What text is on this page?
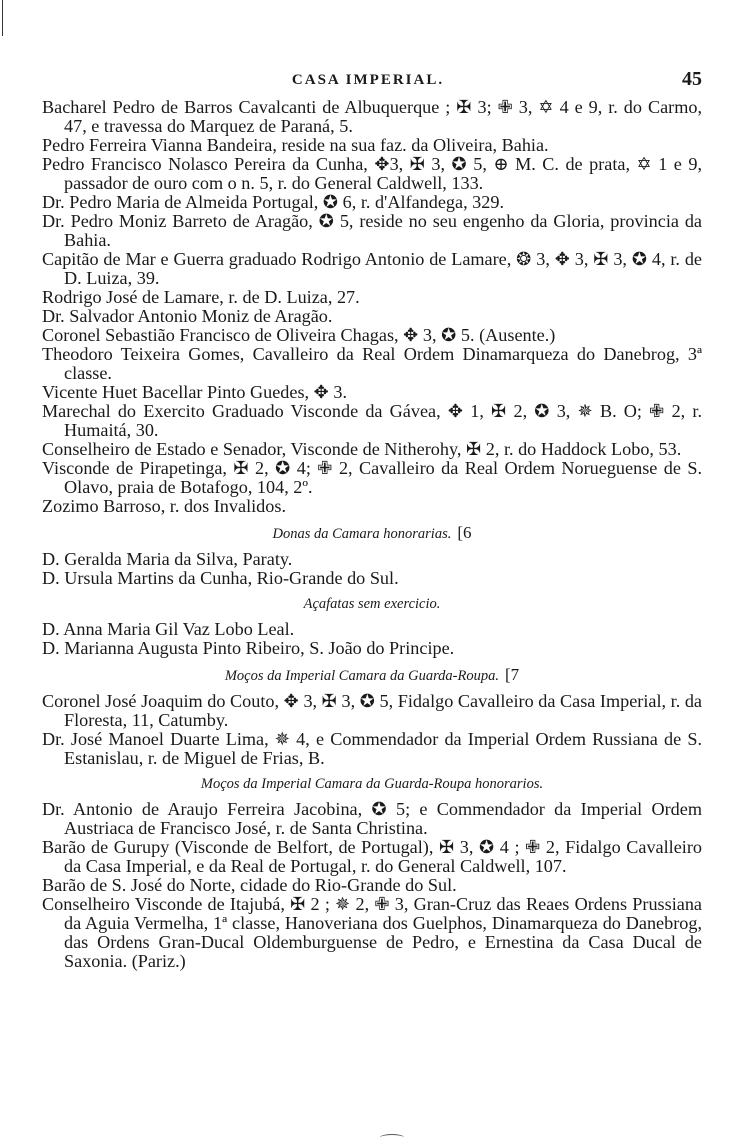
CASA IMPERIAL.	45

Bacharel Pedro de Barros Cavalcanti de Albuquerque ; ✠ 3; ✙ 3, ✡ 4 e 9, r. do Carmo, 47, e travessa do Marquez de Paraná, 5.

Pedro Ferreira Vianna Bandeira, reside na sua faz. da Oliveira, Bahia.

Pedro Francisco Nolasco Pereira da Cunha, ✥3, ✠ 3, ✪ 5, ⊕ M. C. de prata, ✡ 1 e 9, passador de ouro com o n. 5, r. do General Caldwell, 133.

Dr. Pedro Maria de Almeida Portugal, ✪ 6, r. d'Alfandega, 329.

Dr. Pedro Moniz Barreto de Aragão, ✪ 5, reside no seu engenho da Gloria, provincia da Bahia.

Capitão de Mar e Guerra graduado Rodrigo Antonio de Lamare, ❂ 3, ✥ 3, ✠ 3, ✪ 4, r. de D. Luiza, 39.

Rodrigo José de Lamare, r. de D. Luiza, 27.

Dr. Salvador Antonio Moniz de Aragão.

Coronel Sebastião Francisco de Oliveira Chagas, ✥ 3, ✪ 5. (Ausente.)

Theodoro Teixeira Gomes, Cavalleiro da Real Ordem Dinamarqueza do Danebrog, 3ª classe.

Vicente Huet Bacellar Pinto Guedes, ✥ 3.

Marechal do Exercito Graduado Visconde da Gávea, ✥ 1, ✠ 2, ✪ 3, ✵ B. O; ✙ 2, r. Humaitá, 30.

Conselheiro de Estado e Senador, Visconde de Nitherohy, ✠ 2, r. do Haddock Lobo, 53.

Visconde de Pirapetinga, ✠ 2, ✪ 4; ✙ 2, Cavalleiro da Real Ordem Norueguense de S. Olavo, praia de Botafogo, 104, 2º.

Zozimo Barroso, r. dos Invalidos.

Donas da Camara honorarias. [6

D. Geralda Maria da Silva, Paraty.

D. Ursula Martins da Cunha, Rio-Grande do Sul.

Açafatas sem exercicio.

D. Anna Maria Gil Vaz Lobo Leal.

D. Marianna Augusta Pinto Ribeiro, S. João do Principe.

Moços da Imperial Camara da Guarda-Roupa. [7

Coronel José Joaquim do Couto, ✥ 3, ✠ 3, ✪ 5, Fidalgo Cavalleiro da Casa Imperial, r. da Floresta, 11, Catumby.

Dr. José Manoel Duarte Lima, ✵ 4, e Commendador da Imperial Ordem Russiana de S. Estanislau, r. de Miguel de Frias, B.

Moços da Imperial Camara da Guarda-Roupa honorarios.

Dr. Antonio de Araujo Ferreira Jacobina, ✪ 5; e Commendador da Imperial Ordem Austriaca de Francisco José, r. de Santa Christina.

Barão de Gurupy (Visconde de Belfort, de Portugal), ✠ 3, ✪ 4 ; ✙ 2, Fidalgo Cavalleiro da Casa Imperial, e da Real de Portugal, r. do General Caldwell, 107.

Barão de S. José do Norte, cidade do Rio-Grande do Sul.

Conselheiro Visconde de Itajubá, ✠ 2 ; ✵ 2, ✙ 3, Gran-Cruz das Reaes Ordens Prussiana da Aguia Vermelha, 1ª classe, Hanoveriana dos Guelphos, Dinamarqueza do Danebrog, das Ordens Gran-Ducal Oldemburguense de Pedro, e Ernestina da Casa Ducal de Saxonia. (Pariz.)
